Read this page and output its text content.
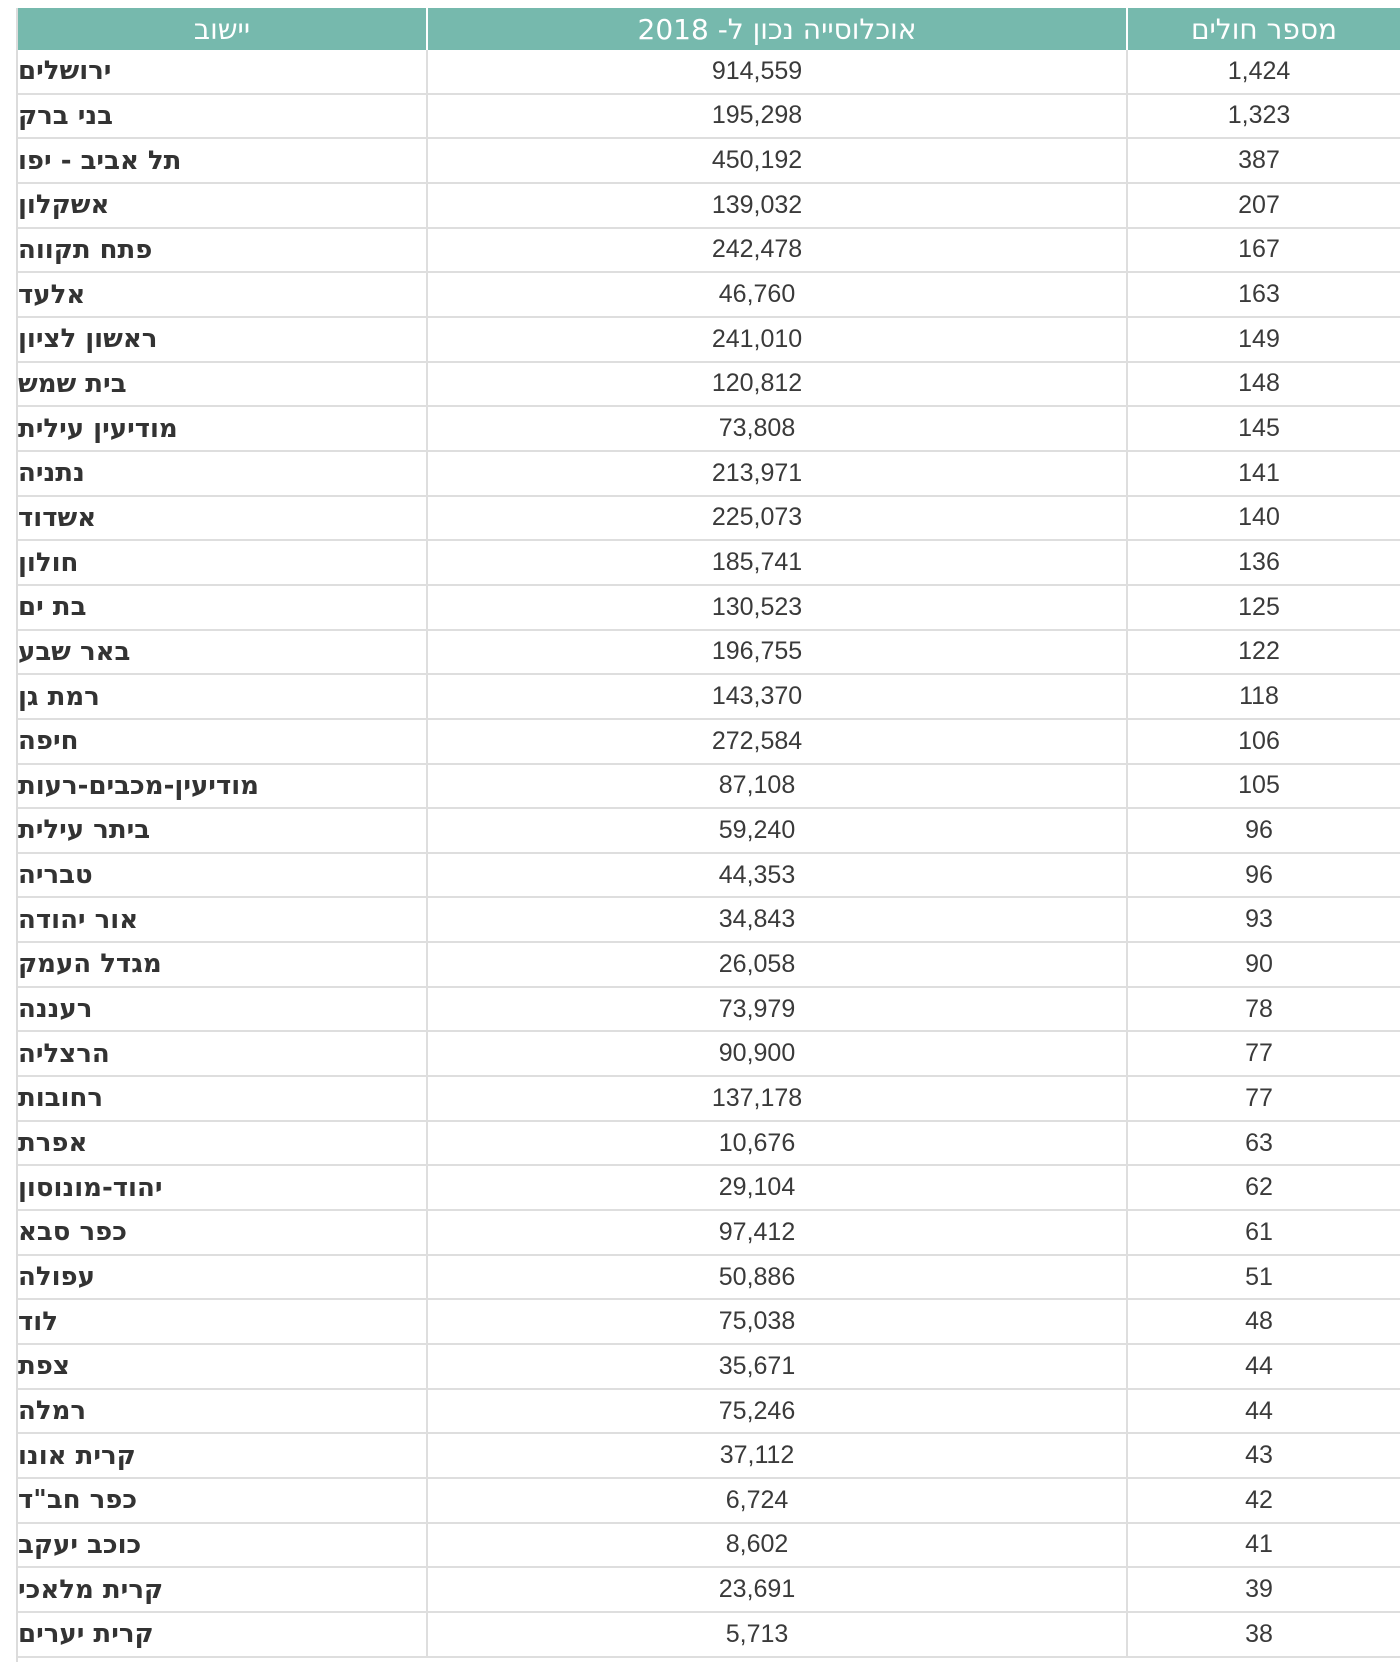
יישוב	אוכלוסייה נכון ל- 2018	מספר חולים
ירושלים	914,559	1,424
בני ברק	195,298	1,323
תל אביב - יפו	450,192	387
אשקלון	139,032	207
פתח תקווה	242,478	167
אלעד	46,760	163
ראשון לציון	241,010	149
בית שמש	120,812	148
מודיעין עילית	73,808	145
נתניה	213,971	141
אשדוד	225,073	140
חולון	185,741	136
בת ים	130,523	125
באר שבע	196,755	122
רמת גן	143,370	118
חיפה	272,584	106
מודיעין-מכבים-רעות	87,108	105
ביתר עילית	59,240	96
טבריה	44,353	96
אור יהודה	34,843	93
מגדל העמק	26,058	90
רעננה	73,979	78
הרצליה	90,900	77
רחובות	137,178	77
אפרת	10,676	63
יהוד-מונוסון	29,104	62
כפר סבא	97,412	61
עפולה	50,886	51
לוד	75,038	48
צפת	35,671	44
רמלה	75,246	44
קרית אונו	37,112	43
כפר חב"ד	6,724	42
כוכב יעקב	8,602	41
קרית מלאכי	23,691	39
קרית יערים	5,713	38
